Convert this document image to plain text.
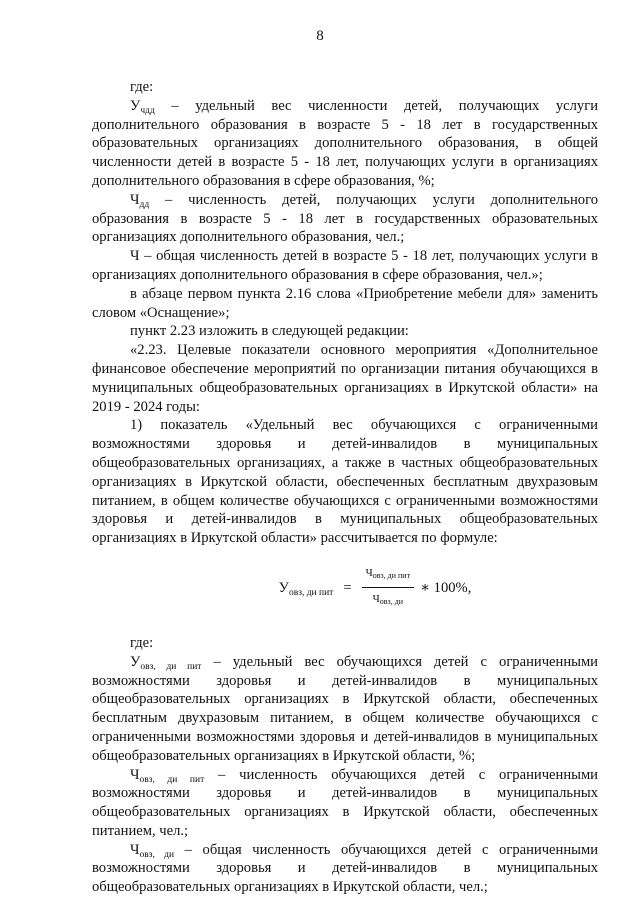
8

где:

$У_{чдд}$ – удельный вес численности детей, получающих услуги дополнительного образования в возрасте 5 - 18 лет в государственных образовательных организациях дополнительного образования, в общей численности детей в возрасте 5 - 18 лет, получающих услуги в организациях дополнительного образования в сфере образования, %;

$Ч_{дд}$ – численность детей, получающих услуги дополнительного образования в возрасте 5 - 18 лет в государственных образовательных организациях дополнительного образования, чел.;

Ч – общая численность детей в возрасте 5 - 18 лет, получающих услуги в организациях дополнительного образования в сфере образования, чел.»;

в абзаце первом пункта 2.16 слова «Приобретение мебели для» заменить словом «Оснащение»;

пункт 2.23 изложить в следующей редакции:

«2.23. Целевые показатели основного мероприятия «Дополнительное финансовое обеспечение мероприятий по организации питания обучающихся в муниципальных общеобразовательных организациях в Иркутской области» на 2019 - 2024 годы:

1) показатель «Удельный вес обучающихся с ограниченными возможностями здоровья и детей-инвалидов в муниципальных общеобразовательных организациях, а также в частных общеобразовательных организациях в Иркутской области, обеспеченных бесплатным двухразовым питанием, в общем количестве обучающихся с ограниченными возможностями здоровья и детей-инвалидов в муниципальных общеобразовательных организациях в Иркутской области» рассчитывается по формуле:

$У_{овз, ди пит} = \frac{\text{Човз, ди пит}}{\text{Човз, ди}}$ ∗ 100%,

где:

$У_{овз, ди пит}$ – удельный вес обучающихся детей с ограниченными возможностями здоровья и детей-инвалидов в муниципальных общеобразовательных организациях в Иркутской области, обеспеченных бесплатным двухразовым питанием, в общем количестве обучающихся с ограниченными возможностями здоровья и детей-инвалидов в муниципальных общеобразовательных организациях в Иркутской области, %;

$Ч_{овз, ди пит}$ – численность обучающихся детей с ограниченными возможностями здоровья и детей-инвалидов в муниципальных общеобразовательных организациях в Иркутской области, обеспеченных питанием, чел.;

$Ч_{овз, ди}$ – общая численность обучающихся детей с ограниченными возможностями здоровья и детей-инвалидов в муниципальных общеобразовательных организациях в Иркутской области, чел.;
